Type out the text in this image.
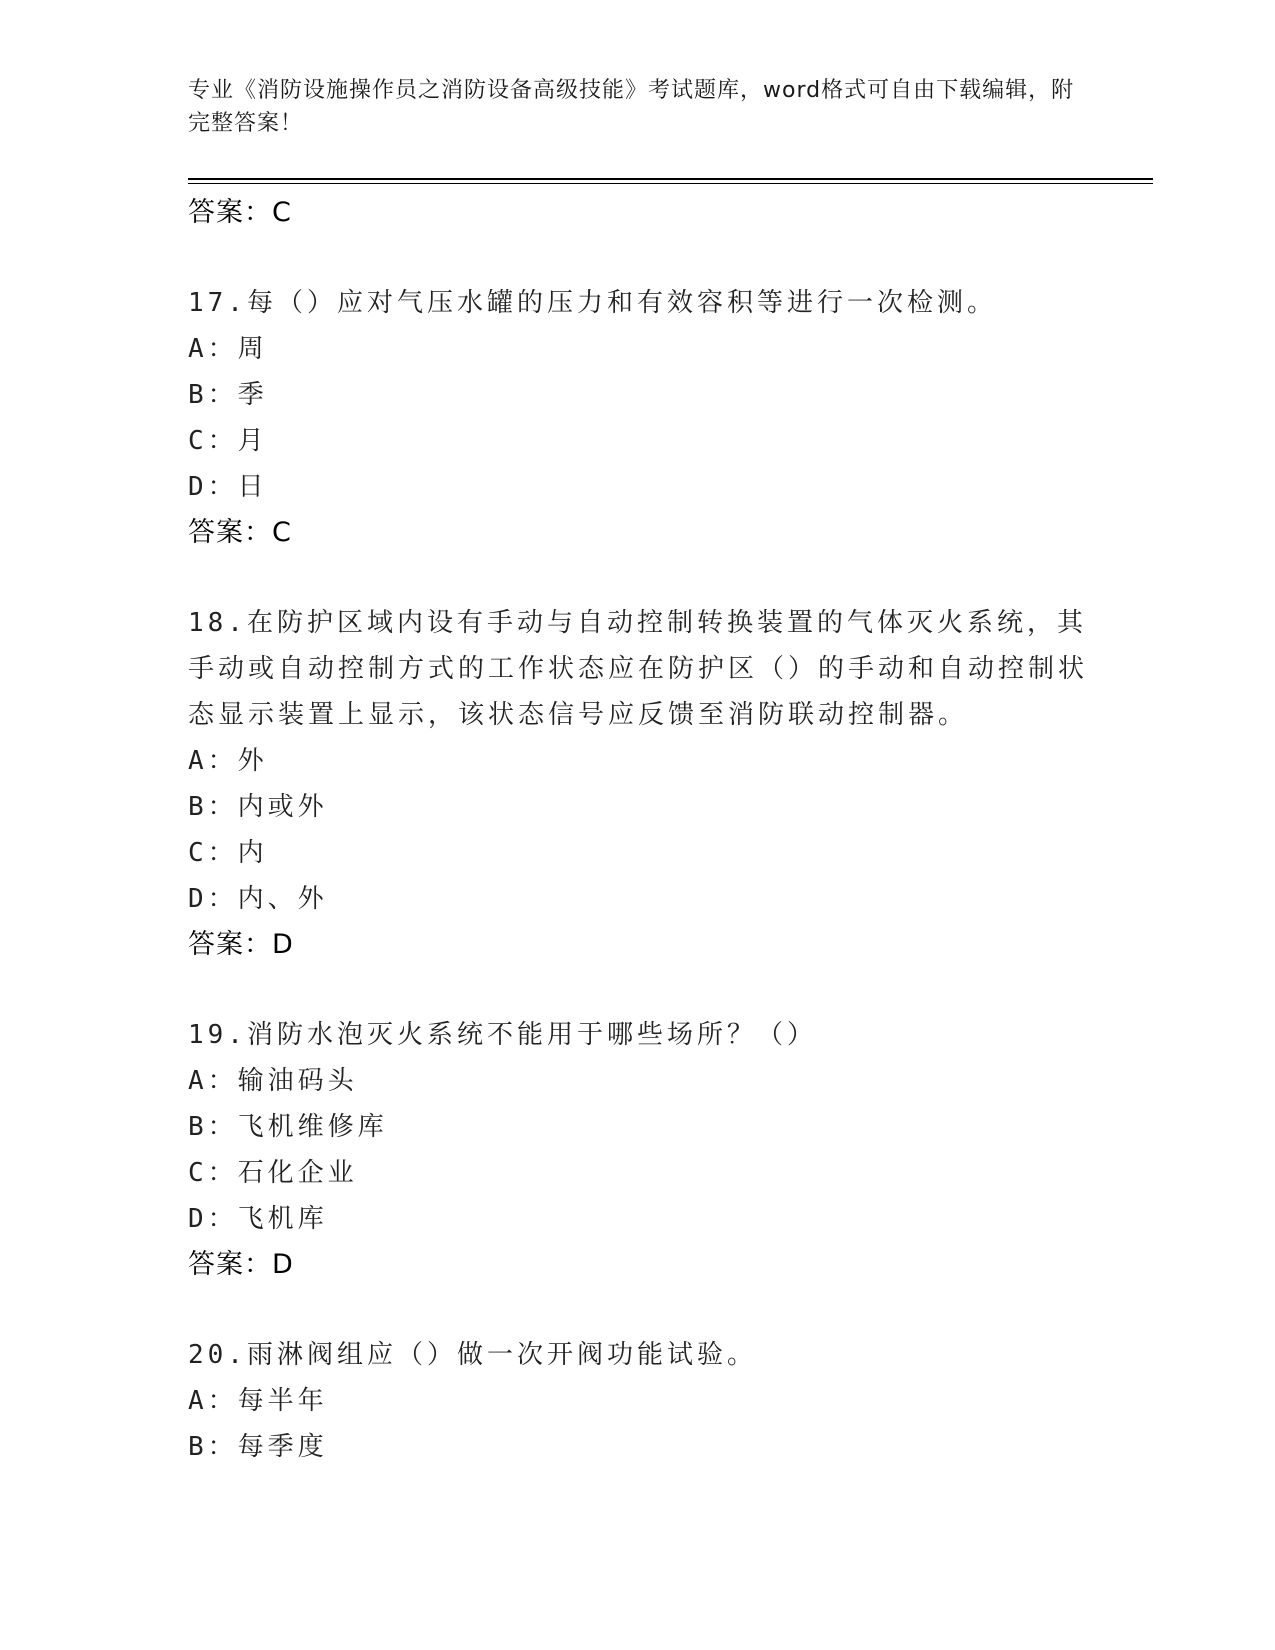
专业《消防设施操作员之消防设备高级技能》考试题库，word格式可自由下载编辑，附完整答案！
答案：C
17.每（）应对气压水罐的压力和有效容积等进行一次检测。
A：周
B：季
C：月
D：日
答案：C
18.在防护区域内设有手动与自动控制转换装置的气体灭火系统，其手动或自动控制方式的工作状态应在防护区（）的手动和自动控制状态显示装置上显示，该状态信号应反馈至消防联动控制器。
A：外
B：内或外
C：内
D：内、外
答案：D
19.消防水泡灭火系统不能用于哪些场所？（）
A：输油码头
B：飞机维修库
C：石化企业
D：飞机库
答案：D
20.雨淋阀组应（）做一次开阀功能试验。
A：每半年
B：每季度
